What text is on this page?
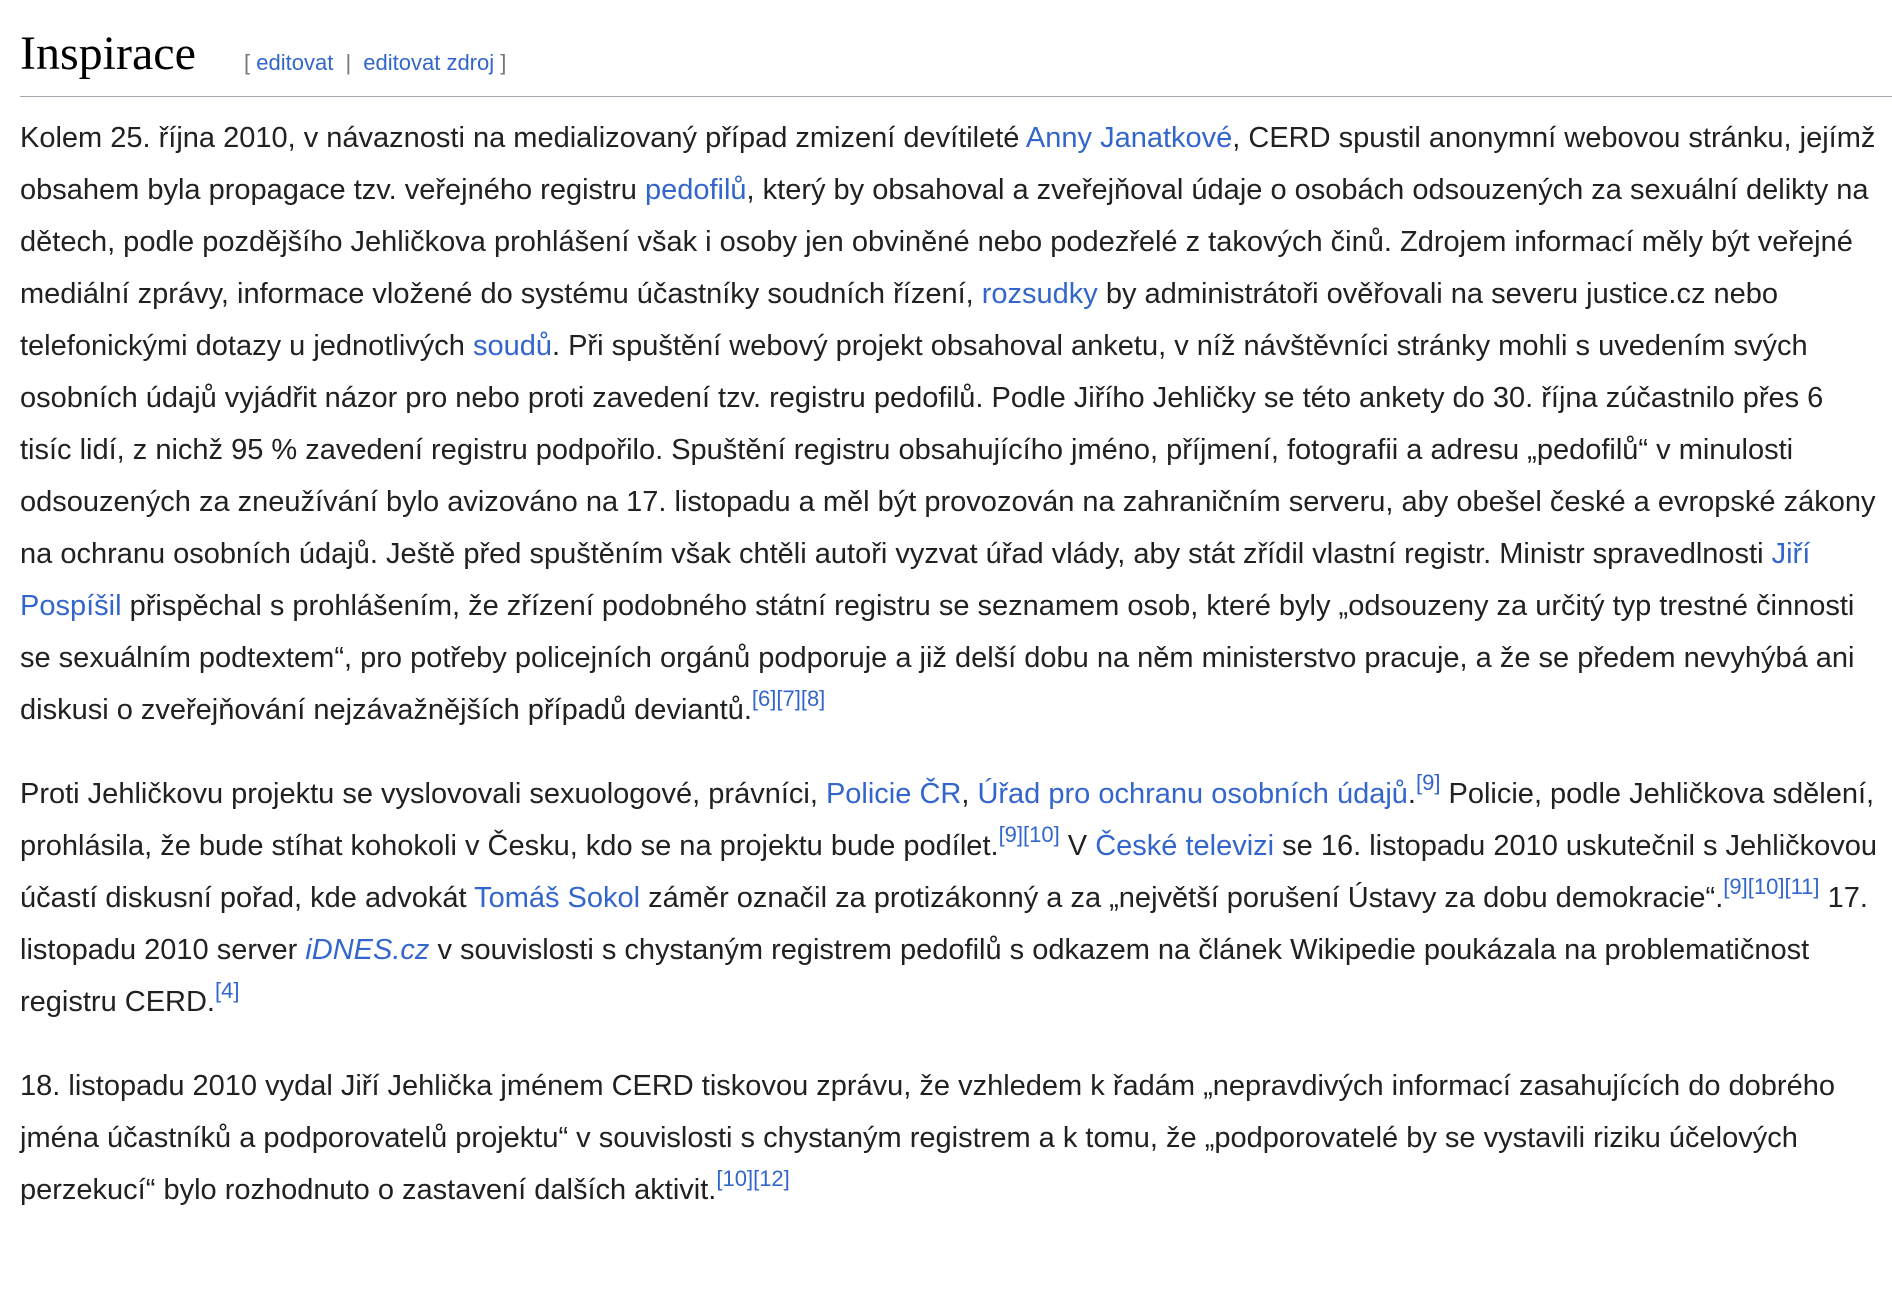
Inspirace [ editovat | editovat zdroj ]

Kolem 25. října 2010, v návaznosti na medializovaný případ zmizení devítileté Anny Janatkové, CERD spustil anonymní webovou stránku, jejímž obsahem byla propagace tzv. veřejného registru pedofilů, který by obsahoval a zveřejňoval údaje o osobách odsouzených za sexuální delikty na dětech, podle pozdějšího Jehličkova prohlášení však i osoby jen obviněné nebo podezřelé z takových činů. Zdrojem informací měly být veřejné mediální zprávy, informace vložené do systému účastníky soudních řízení, rozsudky by administrátoři ověřovali na severu justice.cz nebo telefonickými dotazy u jednotlivých soudů. Při spuštění webový projekt obsahoval anketu, v níž návštěvníci stránky mohli s uvedením svých osobních údajů vyjádřit názor pro nebo proti zavedení tzv. registru pedofilů. Podle Jiřího Jehličky se této ankety do 30. října zúčastnilo přes 6 tisíc lidí, z nichž 95 % zavedení registru podpořilo. Spuštění registru obsahujícího jméno, příjmení, fotografii a adresu „pedofilů“ v minulosti odsouzených za zneužívání bylo avizováno na 17. listopadu a měl být provozován na zahraničním serveru, aby obešel české a evropské zákony na ochranu osobních údajů. Ještě před spuštěním však chtěli autoři vyzvat úřad vlády, aby stát zřídil vlastní registr. Ministr spravedlnosti Jiří Pospíšil přispěchal s prohlášením, že zřízení podobného státní registru se seznamem osob, které byly „odsouzeny za určitý typ trestné činnosti se sexuálním podtextem“, pro potřeby policejních orgánů podporuje a již delší dobu na něm ministerstvo pracuje, a že se předem nevyhýbá ani diskusi o zveřejňování nejzávažnějších případů deviantů.[6][7][8]

Proti Jehličkovu projektu se vyslovovali sexuologové, právníci, Policie ČR, Úřad pro ochranu osobních údajů.[9] Policie, podle Jehličkova sdělení, prohlásila, že bude stíhat kohokoli v Česku, kdo se na projektu bude podílet.[9][10] V České televizi se 16. listopadu 2010 uskutečnil s Jehličkovou účastí diskusní pořad, kde advokát Tomáš Sokol záměr označil za protizákonný a za „největší porušení Ústavy za dobu demokracie“.[9][10][11] 17. listopadu 2010 server iDNES.cz v souvislosti s chystaným registrem pedofilů s odkazem na článek Wikipedie poukázala na problematičnost registru CERD.[4]

18. listopadu 2010 vydal Jiří Jehlička jménem CERD tiskovou zprávu, že vzhledem k řadám „nepravdivých informací zasahujících do dobrého jména účastníků a podporovatelů projektu“ v souvislosti s chystaným registrem a k tomu, že „podporovatelé by se vystavili riziku účelových perzekucí“ bylo rozhodnuto o zastavení dalších aktivit.[10][12]
